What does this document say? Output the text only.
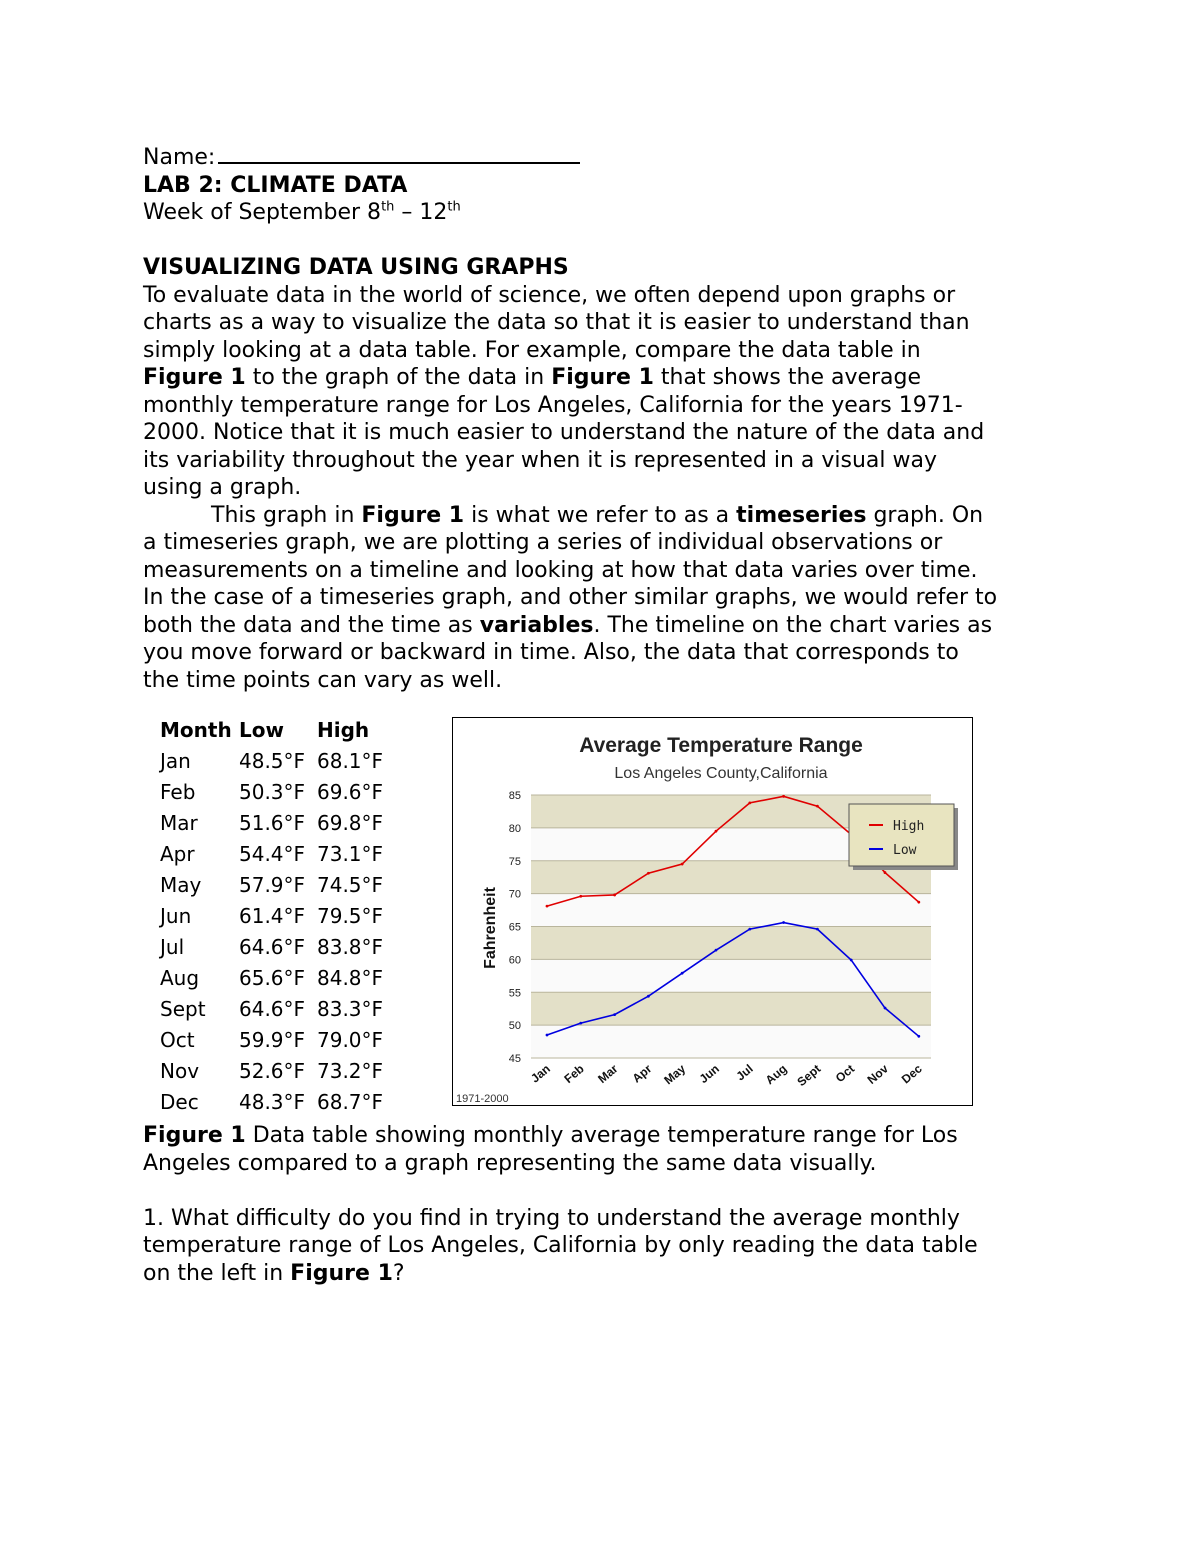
Name:
LAB 2: CLIMATE DATA
Week of September 8th – 12th
VISUALIZING DATA USING GRAPHS
To evaluate data in the world of science, we often depend upon graphs or
charts as a way to visualize the data so that it is easier to understand than
simply looking at a data table. For example, compare the data table in
Figure 1 to the graph of the data in Figure 1 that shows the average
monthly temperature range for Los Angeles, California for the years 1971-
2000. Notice that it is much easier to understand the nature of the data and
its variability throughout the year when it is represented in a visual way
using a graph.
This graph in Figure 1 is what we refer to as a timeseries graph. On
a timeseries graph, we are plotting a series of individual observations or
measurements on a timeline and looking at how that data varies over time.
In the case of a timeseries graph, and other similar graphs, we would refer to
both the data and the time as variables. The timeline on the chart varies as
you move forward or backward in time. Also, the data that corresponds to
the time points can vary as well.
Month Low High
Jan 48.5°F 68.1°F
Feb 50.3°F 69.6°F
Mar 51.6°F 69.8°F
Apr 54.4°F 73.1°F
May 57.9°F 74.5°F
Jun 61.4°F 79.5°F
Jul	64.6°F 83.8°F
Aug 65.6°F 84.8°F
Sept 64.6°F 83.3°F
Oct 59.9°F 79.0°F
Nov 52.6°F 73.2°F
Dec 48.3°F 68.7°F
45
50
55
60
65
70
75
80
85
Jan Feb Mar Apr May Jun Jul Aug Sept Oct Nov Dec
Average Temperature Range
Los Angeles County,California
Fahrenheit
1971-2000
High
Low
Figure 1 Data table showing monthly average temperature range for Los
Angeles compared to a graph representing the same data visually.
1. What difficulty do you find in trying to understand the average monthly
temperature range of Los Angeles, California by only reading the data table
on the left in Figure 1?
